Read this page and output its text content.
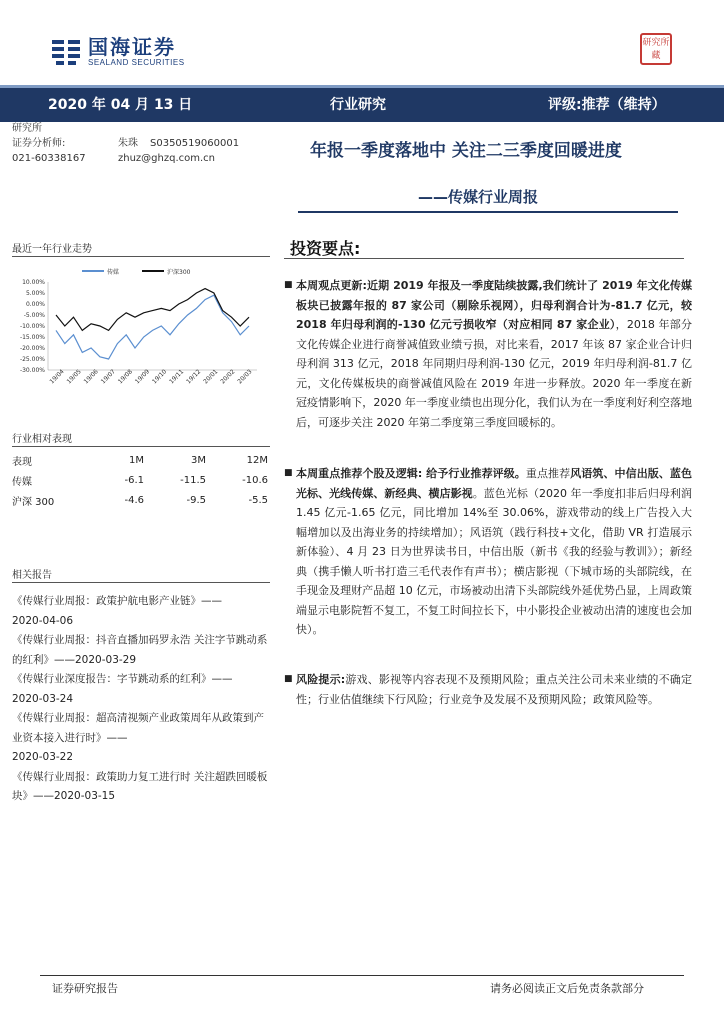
国海证券
SEALAND SECURITIES
研究所藏
2020 年 04 月 13 日	行业研究	评级:推荐（维持）
研究所
证券分析师:	朱珠 S0350519060001
021-60338167	zhuz@ghzq.com.cn	年报一季度落地中 关注二三季度回暖进度
——传媒行业周报
最近一年行业走势
传媒	沪深300
10.00%
5.00%
0.00%
-5.00%
-10.00%
-15.00%
-20.00%
-25.00%
-30.00% 19/04 19/05 19/06 19/07 19/08 19/09 19/10 19/11 19/12 20/01 20/02 20/03
行业相对表现
表现	1M	3M	12M
传媒	-6.1	-11.5	-10.6
沪深 300	-4.6	-9.5	-5.5
相关报告
《传媒行业周报：政策护航电影产业链》——
2020-04-06
《传媒行业周报：抖音直播加码罗永浩 关注字节跳动系的红利》——2020-03-29
《传媒行业深度报告：字节跳动系的红利》——
2020-03-24
《传媒行业周报：超高清视频产业政策周年从政策到产业资本接入进行时》——
2020-03-22
《传媒行业周报：政策助力复工进行时 关注超跌回暖板块》——2020-03-15
投资要点:
■ 本周观点更新:近期 2019 年报及一季度陆续披露,我们统计了 2019 年文化传媒板块已披露年报的 87 家公司（剔除乐视网），归母利润合计为-81.7 亿元，较 2018 年归母利润的-130 亿元亏损收窄（对应相同 87 家企业），2018 年部分文化传媒企业进行商誉减值致业绩亏损，对比来看，2017 年该 87 家企业合计归母利润 313 亿元，2018 年同期归母利润-130 亿元，2019 年归母利润-81.7 亿元，文化传媒板块的商誉减值风险在 2019 年进一步释放。2020 年一季度在新冠疫情影响下，2020 年一季度业绩也出现分化，我们认为在一季度利好利空落地后，可逐步关注 2020 年第二季度第三季度回暖标的。
■ 本周重点推荐个股及逻辑: 给予行业推荐评级。重点推荐风语筑、中信出版、蓝色光标、光线传媒、新经典、横店影视。蓝色光标（2020 年一季度扣非后归母利润 1.45 亿元-1.65 亿元，同比增加 14%至 30.06%，游戏带动的线上广告投入大幅增加以及出海业务的持续增加）；风语筑（践行科技+文化，借助 VR 打造展示新体验）、4 月 23 日为世界读书日，中信出版（新书《我的经验与教训》）；新经典（携手懒人听书打造三毛代表作有声书）；横店影视（下城市场的头部院线，在手现金及理财产品超 10 亿元，市场被动出清下头部院线外延优势凸显，上周政策端显示电影院暂不复工，不复工时间拉长下，中小影投企业被动出清的速度也会加快）。
■ 风险提示:游戏、影视等内容表现不及预期风险；重点关注公司未来业绩的不确定性；行业估值继续下行风险；行业竞争及发展不及预期风险；政策风险等。
证券研究报告	请务必阅读正文后免责条款部分
